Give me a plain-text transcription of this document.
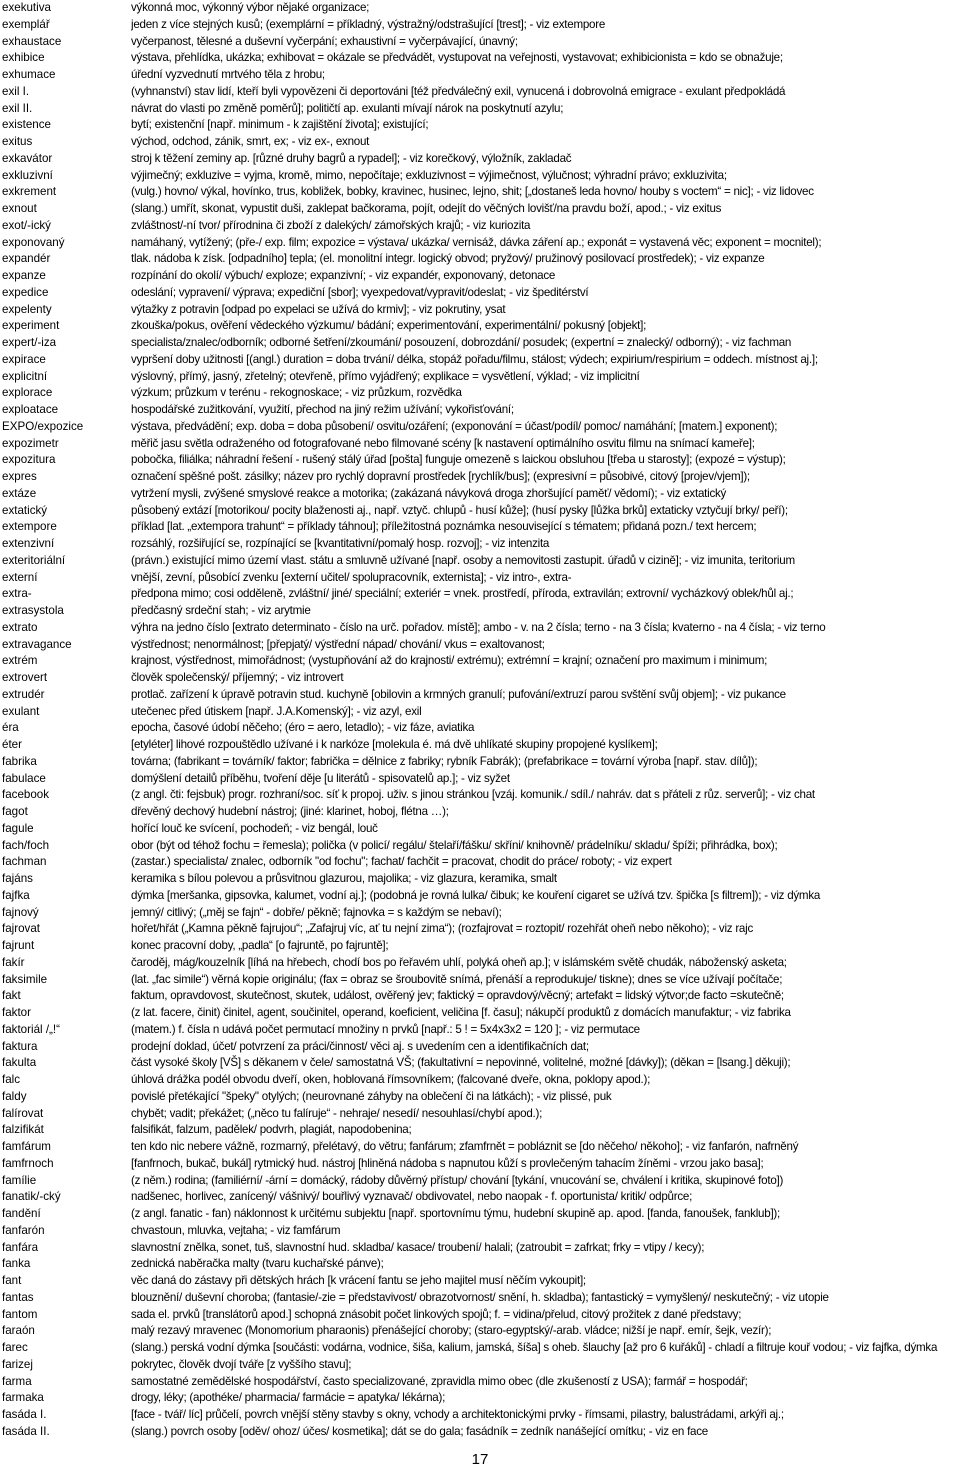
exekutiva	výkonná moc, výkonný výbor nějaké organizace;
exemplář	jeden z více stejných kusů; (exemplární = příkladný, výstražný/odstrašující [trest]; - viz extempore
exhaustace	vyčerpanost, tělesné a duševní vyčerpání; exhaustivní = vyčerpávající, únavný;
exhibice	výstava, přehlídka, ukázka; exhibovat = okázale se předvádět, vystupovat na veřejnosti, vystavovat; exhibicionista = kdo se obnažuje;
exhumace	úřední vyzvednutí mrtvého těla z hrobu;
exil I.	(vyhnanství) stav lidí, kteří byli vypovězeni či deportováni [též předválečný exil, vynucená i dobrovolná emigrace - exulant předpokládá
exil II.	návrat do vlasti po změně poměrů]; političtí ap. exulanti mívají nárok na poskytnutí azylu;
existence	bytí; existenční [např. minimum - k zajištění života]; existující;
exitus	východ, odchod, zánik, smrt, ex; - viz ex-, exnout
exkavátor	stroj k těžení zeminy ap. [různé druhy bagrů a rypadel]; - viz korečkový, výložník, zakladač
exkluzivní	výjimečný; exkluzive = vyjma, kromě, mimo, nepočítaje; exkluzivnost = výjimečnost, výlučnost; výhradní právo; exkluzivita;
exkrement	(vulg.) hovno/ výkal, hovínko, trus, kobližek, bobky, kravinec, husinec, lejno, shit; [„dostaneš leda hovno/ houby s voctem“ = nic]; - viz lidovec
exnout	(slang.) umřít, skonat, vypustit duši, zaklepat bačkorama, pojít, odejít do věčných lovišť/na pravdu boží, apod.; - viz exitus
exot/-ický	zvláštnost/-ní tvor/ přírodnina či zboží z dalekých/ zámořských krajů; - viz kuriozita
exponovaný	namáhaný, vytížený; (pře-/ exp. film; expozice = výstava/ ukázka/ vernisáž, dávka záření ap.; exponát = vystavená věc; exponent = mocnitel);
expandér	tlak. nádoba k získ. [odpadního] tepla; (el. monolitní integr. logický obvod; pryžový/ pružinový posilovací prostředek); - viz expanze
expanze	rozpínání do okolí/ výbuch/ exploze; expanzivní; - viz expandér, exponovaný, detonace
expedice	odeslání; vypravení/ výprava; expediční [sbor]; vyexpedovat/vypravit/odeslat; - viz špeditérství
expelenty	výtažky z potravin [odpad po expelaci se užívá do krmiv]; - viz pokrutiny, ysat
experiment	zkouška/pokus, ověření vědeckého výzkumu/ bádání; experimentování, experimentální/ pokusný [objekt];
expert/-iza	specialista/znalec/odborník; odborné šetření/zkoumání/ posouzení, dobrozdání/ posudek; (expertní = znalecký/ odborný); - viz fachman
expirace	vypršení doby užitnosti [(angl.) duration = doba trvání/ délka, stopáž pořadu/filmu, stálost; výdech; expirium/respirium = oddech. místnost aj.];
explicitní	výslovný, přímý, jasný, zřetelný; otevřeně, přímo vyjádřený; explikace = vysvětlení, výklad; - viz implicitní
explorace	výzkum; průzkum v terénu - rekognoskace; - viz průzkum, rozvědka
exploatace	hospodářské zužitkování, využití, přechod na jiný režim užívání; vykořisťování;
EXPO/expozice	výstava, předvádění; exp. doba = doba působení/ osvitu/ozáření; (exponování = účast/podíl/ pomoc/ namáhání; [matem.] exponent);
expozimetr	měřič jasu světla odraženého od fotografované nebo filmované scény [k nastavení optimálního osvitu filmu na snímací kameře];
expozitura	pobočka, filiálka; náhradní řešení - rušený stálý úřad [pošta] funguje omezeně s laickou obsluhou [třeba u starosty]; (expozé = výstup);
expres	označení spěšné pošt. zásilky; název pro rychlý dopravní prostředek [rychlík/bus]; (expresivní = působivé, citový [projev/vjem]);
extáze	vytržení mysli, zvýšené smyslové reakce a motorika; (zakázaná návyková droga zhoršující paměť/ vědomí); - viz extatický
extatický	působený extází [motorikou/ pocity blaženosti aj., např. vztyč. chlupů - husí kůže]; (husí pysky [lůžka brků] extaticky vztyčují brky/ peří);
extempore	příklad [lat. „extempora trahunt“ = příklady táhnou]; příležitostná poznámka nesouvisející s tématem; přidaná pozn./ text hercem;
extenzivní	rozsáhlý, rozšiřující se, rozpínající se [kvantitativní/pomalý hosp. rozvoj]; - viz intenzita
exteritoriální	(právn.) existující mimo území vlast. státu a smluvně užívané [např. osoby a nemovitosti zastupit. úřadů v cizině]; - viz imunita, teritorium
externí	vnější, zevní, působící zvenku [externí učitel/ spolupracovník, externista]; - viz intro-, extra-
extra-	předpona mimo; cosi odděleně, zvláštní/ jiné/ speciální; exteriér = vnek. prostředí, příroda, extravilán; extrovní/ vycházkový oblek/hůl aj.;
extrasystola	předčasný srdeční stah; - viz arytmie
extrato	výhra na jedno číslo [extrato determinato - číslo na urč. pořadov. místě]; ambo - v. na 2 čísla; terno - na 3 čísla; kvaterno - na 4 čísla; - viz terno
extravagance	výstřednost; nenormálnost; [přepjatý/ výstřední nápad/ chování/ vkus = exaltovanost;
extrém	krajnost, výstřednost, mimořádnost; (vystupňování až do krajnosti/ extrému); extrémní = krajní; označení pro maximum i minimum;
extrovert	člověk společenský/ příjemný; - viz introvert
extrudér	protlač. zařízení k úpravě potravin stud. kuchyně [obilovin a krmných granulí; pufování/extruzí parou svštění svůj objem]; - viz pukance
exulant	utečenec před útiskem [např. J.A.Komenský]; - viz azyl, exil
éra	epocha, časové údobí něčeho; (éro = aero, letadlo); - viz fáze, aviatika
éter	[etyléter] lihové rozpouštědlo užívané i k narkóze [molekula é. má dvě uhlíkaté skupiny propojené kyslíkem];
fabrika	továrna; (fabrikant = továrník/ faktor; fabrička = dělnice z fabriky; rybník Fabrák); (prefabrikace = tovární výroba [např. stav. dílů]);
fabulace	domýšlení detailů příběhu, tvoření děje [u literátů - spisovatelů ap.]; - viz syžet
facebook	(z angl. čti: fejsbuk) progr. rozhraní/soc. síť k propoj. uživ. s jinou stránkou [vzáj. komunik./ sdíl./ nahráv. dat s přáteli z růz. serverů]; - viz chat
fagot	dřevěný dechový hudební nástroj; (jiné: klarinet, hoboj, flétna …);
fagule	hořící louč ke svícení, pochodeň; - viz bengál, louč
fach/foch	obor (být od téhož fochu = řemesla); polička (v policí/ regálu/ štelaří/fášku/ skříni/ knihovně/ prádelníku/ skladu/ špíži; přihrádka, box);
fachman	(zastar.) specialista/ znalec, odborník "od fochu"; fachat/ fachčit = pracovat, chodit do práce/ roboty; - viz expert
fajáns	keramika s bílou polevou a průsvitnou glazurou, majolika; - viz glazura, keramika, smalt
fajfka	dýmka [meršanka, gipsovka, kalumet, vodní aj.]; (podobná je rovná lulka/ čibuk; ke kouření cigaret se užívá tzv. špička [s filtrem]); - viz dýmka
fajnový	jemný/ citlivý; („měj se fajn“ - dobře/ pěkně; fajnovka = s každým se nebaví);
fajrovat	hořet/hřát („Kamna pěkně fajrujou“; „Zafajruj víc, ať tu nejní zima“); (rozfajrovat = roztopit/ rozehřát oheň nebo někoho); - viz rajc
fajrunt	konec pracovní doby, „padla“ [o fajruntě, po fajruntě];
fakír	čaroděj, mág/kouzelník [líhá na hřebech, chodí bos po řeřavém uhlí, polyká oheň ap.]; v islámském světě chudák, náboženský asketa;
faksimile	(lat. „fac simile“) věrná kopie originálu; (fax = obraz se šroubovitě snímá, přenáší a reprodukuje/ tiskne); dnes se více užívají počítače;
fakt	faktum, opravdovost, skutečnost, skutek, událost, ověřený jev; faktický = opravdový/věcný; artefakt = lidský výtvor;de facto =skutečně;
faktor	(z lat. facere, činit) činitel, agent, součinitel, operand, koeficient, veličina [f. času]; nákupčí produktů z domácích manufaktur; - viz fabrika
faktoriál /„!“	(matem.) f. čísla n udává počet permutací množiny n prvků [např.: 5 ! = 5x4x3x2 = 120 ]; - viz permutace
faktura	prodejní doklad, účet/ potvrzení za práci/činnost/ věci aj. s uvedením cen a identifikačních dat;
fakulta	část vysoké školy [VŠ] s děkanem v čele/ samostatná VŠ; (fakultativní = nepovinné, volitelné, možné [dávky]); (děkan = [lsang.] děkuji);
falc	úhlová drážka podél obvodu dveří, oken, hoblovaná římsovníkem; (falcované dveře, okna, poklopy apod.);
faldy	povislé přetékající "špeky" otylých; (neurovnané záhyby na oblečení či na látkách); - viz plissé, puk
falírovat	chybět; vadit; překážet; („něco tu falíruje“ - nehraje/ nesedí/ nesouhlasí/chybí apod.);
falzifikát	falsifikát, falzum, padělek/ podvrh, plagiát, napodobenina;
famfárum	ten kdo nic nebere vážně, rozmarný, přelétavý, do větru; fanfárum; zfamfrnět = pobláznit se [do něčeho/ někoho]; - viz fanfarón, nafrněný
famfrnoch	[fanfrnoch, bukač, bukál] rytmický hud. nástroj [hliněná nádoba s napnutou kůží s provlečeným tahacím žíněmi - vrzou jako basa];
famílie	(z něm.) rodina; (familiérní/ -ární = domácký, rádoby důvěrný přístup/ chování [tykání, vnucování se, chválení i kritika, skupinové foto])
fanatik/-cký	nadšenec, horlivec, zanícený/ vášnivý/ bouřlivý vyznavač/ obdivovatel, nebo naopak - f. oportunista/ kritik/ odpůrce;
fandění	(z angl. fanatic - fan) náklonnost k určitému subjektu [např. sportovnímu týmu, hudební skupině ap. apod. [fanda, fanoušek, fanklub]);
fanfarón	chvastoun, mluvka, vejtaha; - viz famfárum
fanfára	slavnostní znělka, sonet, tuš, slavnostní hud. skladba/ kasace/ troubení/ halali; (zatroubit = zafrkat; frky = vtipy / kecy);
fanka	zednická naběračka malty (tvaru kuchařské pánve);
fant	věc daná do zástavy při dětských hrách [k vrácení fantu se jeho majitel musí něčím vykoupit];
fantas	blouznění/ duševní choroba; (fantasie/-zie = představivost/ obrazotvornost/ snění, h. skladba); fantastický = vymyšlený/ neskutečný; - viz utopie
fantom	sada el. prvků [translátorů apod.] schopná znásobit počet linkových spojů; f. = vidina/přelud, citový prožitek z dané představy;
faraón	malý rezavý mravenec (Monomorium pharaonis) přenášející choroby; (staro-egyptský/-arab. vládce; nižší je např. emír, šejk, vezír);
farec	(slang.) perská vodní dýmka [součásti: vodárna, vodnice, šiša, kalium, jamská, šíša] s oheb. šlauchy [až pro 6 kuřáků] - chladí a filtruje kouř vodou; - viz fajfka, dýmka
farizej	pokrytec, člověk dvojí tváře [z vyššího stavu];
farma	samostatné zemědělské hospodářství, často specializované, zpravidla mimo obec (dle zkušeností z USA); farmář = hospodář;
farmaka	drogy, léky; (apothéke/ pharmacia/ farmácie = apatyka/ lékárna);
fasáda I.	[face - tvář/ líc] průčelí, povrch vnější stěny stavby s okny, vchody a architektonickými prvky - římsami, pilastry, balustrádami, arkýři aj.;
fasáda II.	(slang.) povrch osoby [oděv/ ohoz/ účes/ kosmetika]; dát se do gala; fasádník = zedník nanášející omítku; - viz en face
17
